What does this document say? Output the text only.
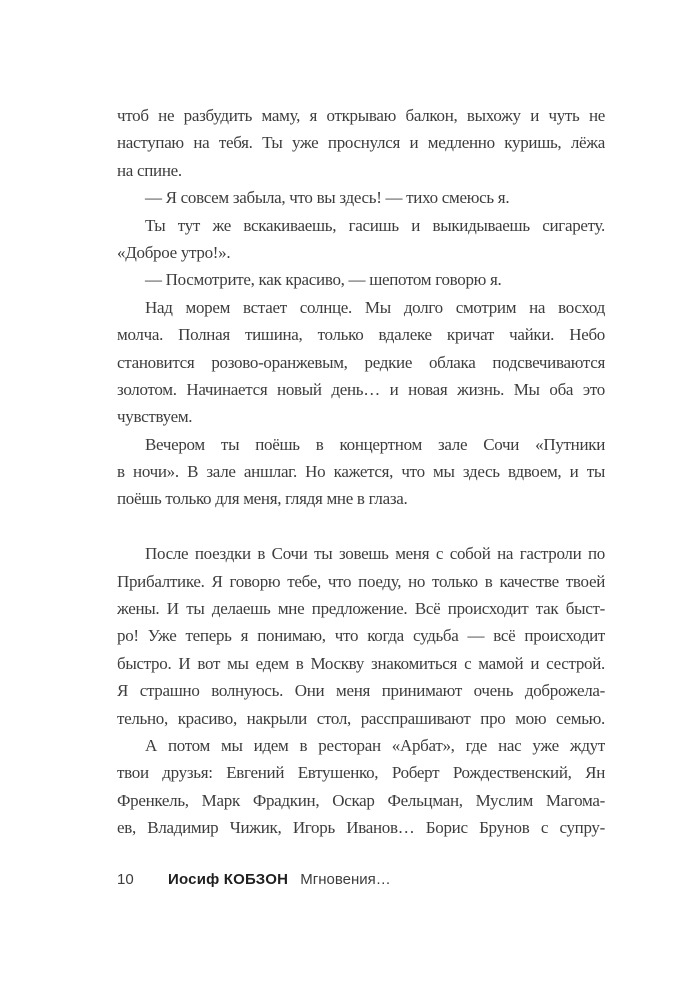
чтоб не разбудить маму, я открываю балкон, выхожу и чуть не
наступаю на тебя. Ты уже проснулся и медленно куришь, лёжа
на спине.
— Я совсем забыла, что вы здесь! — тихо смеюсь я.
Ты тут же вскакиваешь, гасишь и выкидываешь сигарету.
«Доброе утро!».
— Посмотрите, как красиво, — шепотом говорю я.
Над морем встает солнце. Мы долго смотрим на восход
молча. Полная тишина, только вдалеке кричат чайки. Небо
становится розово-оранжевым, редкие облака подсвечиваются
золотом. Начинается новый день… и новая жизнь. Мы оба это
чувствуем.
Вечером ты поёшь в концертном зале Сочи «Путники
в ночи». В зале аншлаг. Но кажется, что мы здесь вдвоем, и ты
поёшь только для меня, глядя мне в глаза.
После поездки в Сочи ты зовешь меня с собой на гастроли по
Прибалтике. Я говорю тебе, что поеду, но только в качестве твоей
жены. И ты делаешь мне предложение. Всё происходит так быст-
ро! Уже теперь я понимаю, что когда судьба — всё происходит
быстро. И вот мы едем в Москву знакомиться с мамой и сестрой.
Я страшно волнуюсь. Они меня принимают очень доброжела-
тельно, красиво, накрыли стол, расспрашивают про мою семью.
А потом мы идем в ресторан «Арбат», где нас уже ждут
твои друзья: Евгений Евтушенко, Роберт Рождественский, Ян
Френкель, Марк Фрадкин, Оскар Фельцман, Муслим Магома-
ев, Владимир Чижик, Игорь Иванов… Борис Брунов с супру-
10 Иосиф КОБЗОН Мгновения…
